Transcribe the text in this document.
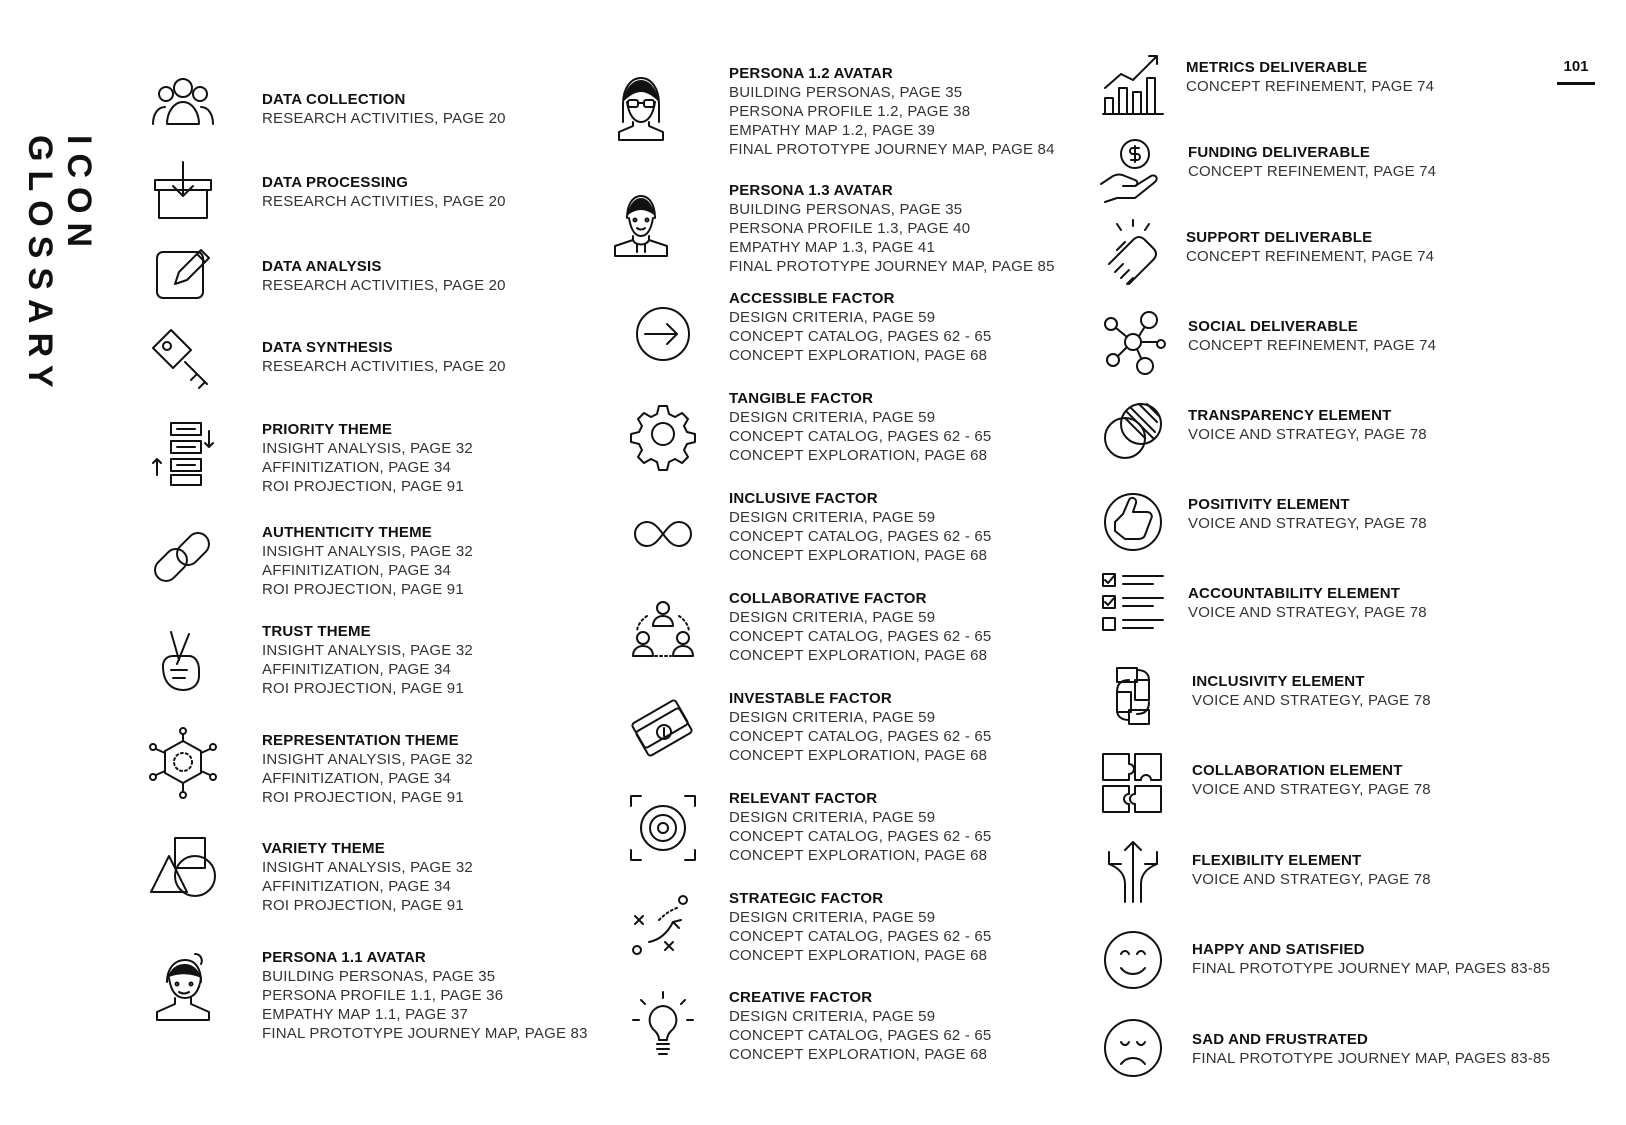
ICON GLOSSARY
101
DATA COLLECTION
RESEARCH ACTIVITIES, PAGE 20
DATA PROCESSING
RESEARCH ACTIVITIES, PAGE 20
DATA ANALYSIS
RESEARCH ACTIVITIES, PAGE 20
DATA SYNTHESIS
RESEARCH ACTIVITIES, PAGE 20
PRIORITY THEME
INSIGHT ANALYSIS, PAGE 32
AFFINITIZATION, PAGE 34
ROI PROJECTION, PAGE 91
AUTHENTICITY THEME
INSIGHT ANALYSIS, PAGE 32
AFFINITIZATION, PAGE 34
ROI PROJECTION, PAGE 91
TRUST THEME
INSIGHT ANALYSIS, PAGE 32
AFFINITIZATION, PAGE 34
ROI PROJECTION, PAGE 91
REPRESENTATION THEME
INSIGHT ANALYSIS, PAGE 32
AFFINITIZATION, PAGE 34
ROI PROJECTION, PAGE 91
VARIETY THEME
INSIGHT ANALYSIS, PAGE 32
AFFINITIZATION, PAGE 34
ROI PROJECTION, PAGE 91
PERSONA 1.1 AVATAR
BUILDING PERSONAS, PAGE 35
PERSONA PROFILE 1.1, PAGE 36
EMPATHY MAP 1.1, PAGE 37
FINAL PROTOTYPE JOURNEY MAP, PAGE 83
PERSONA 1.2 AVATAR
BUILDING PERSONAS, PAGE 35
PERSONA PROFILE 1.2, PAGE 38
EMPATHY MAP 1.2, PAGE 39
FINAL PROTOTYPE JOURNEY MAP, PAGE 84
PERSONA 1.3 AVATAR
BUILDING PERSONAS, PAGE 35
PERSONA PROFILE 1.3, PAGE 40
EMPATHY MAP 1.3, PAGE 41
FINAL PROTOTYPE JOURNEY MAP, PAGE 85
ACCESSIBLE FACTOR
DESIGN CRITERIA, PAGE 59
CONCEPT CATALOG, PAGES 62 - 65
CONCEPT EXPLORATION, PAGE 68
TANGIBLE FACTOR
DESIGN CRITERIA, PAGE 59
CONCEPT CATALOG, PAGES 62 - 65
CONCEPT EXPLORATION, PAGE 68
INCLUSIVE FACTOR
DESIGN CRITERIA, PAGE 59
CONCEPT CATALOG, PAGES 62 - 65
CONCEPT EXPLORATION, PAGE 68
COLLABORATIVE FACTOR
DESIGN CRITERIA, PAGE 59
CONCEPT CATALOG, PAGES 62 - 65
CONCEPT EXPLORATION, PAGE 68
INVESTABLE FACTOR
DESIGN CRITERIA, PAGE 59
CONCEPT CATALOG, PAGES 62 - 65
CONCEPT EXPLORATION, PAGE 68
RELEVANT FACTOR
DESIGN CRITERIA, PAGE 59
CONCEPT CATALOG, PAGES 62 - 65
CONCEPT EXPLORATION, PAGE 68
STRATEGIC FACTOR
DESIGN CRITERIA, PAGE 59
CONCEPT CATALOG, PAGES 62 - 65
CONCEPT EXPLORATION, PAGE 68
CREATIVE FACTOR
DESIGN CRITERIA, PAGE 59
CONCEPT CATALOG, PAGES 62 - 65
CONCEPT EXPLORATION, PAGE 68
METRICS DELIVERABLE
CONCEPT REFINEMENT, PAGE 74
FUNDING DELIVERABLE
CONCEPT REFINEMENT, PAGE 74
SUPPORT DELIVERABLE
CONCEPT REFINEMENT, PAGE 74
SOCIAL DELIVERABLE
CONCEPT REFINEMENT, PAGE 74
TRANSPARENCY ELEMENT
VOICE AND STRATEGY, PAGE 78
POSITIVITY ELEMENT
VOICE AND STRATEGY, PAGE 78
ACCOUNTABILITY ELEMENT
VOICE AND STRATEGY, PAGE 78
INCLUSIVITY ELEMENT
VOICE AND STRATEGY, PAGE 78
COLLABORATION ELEMENT
VOICE AND STRATEGY, PAGE 78
FLEXIBILITY ELEMENT
VOICE AND STRATEGY, PAGE 78
HAPPY AND SATISFIED
FINAL PROTOTYPE JOURNEY MAP, PAGES 83-85
SAD AND FRUSTRATED
FINAL PROTOTYPE JOURNEY MAP, PAGES 83-85
